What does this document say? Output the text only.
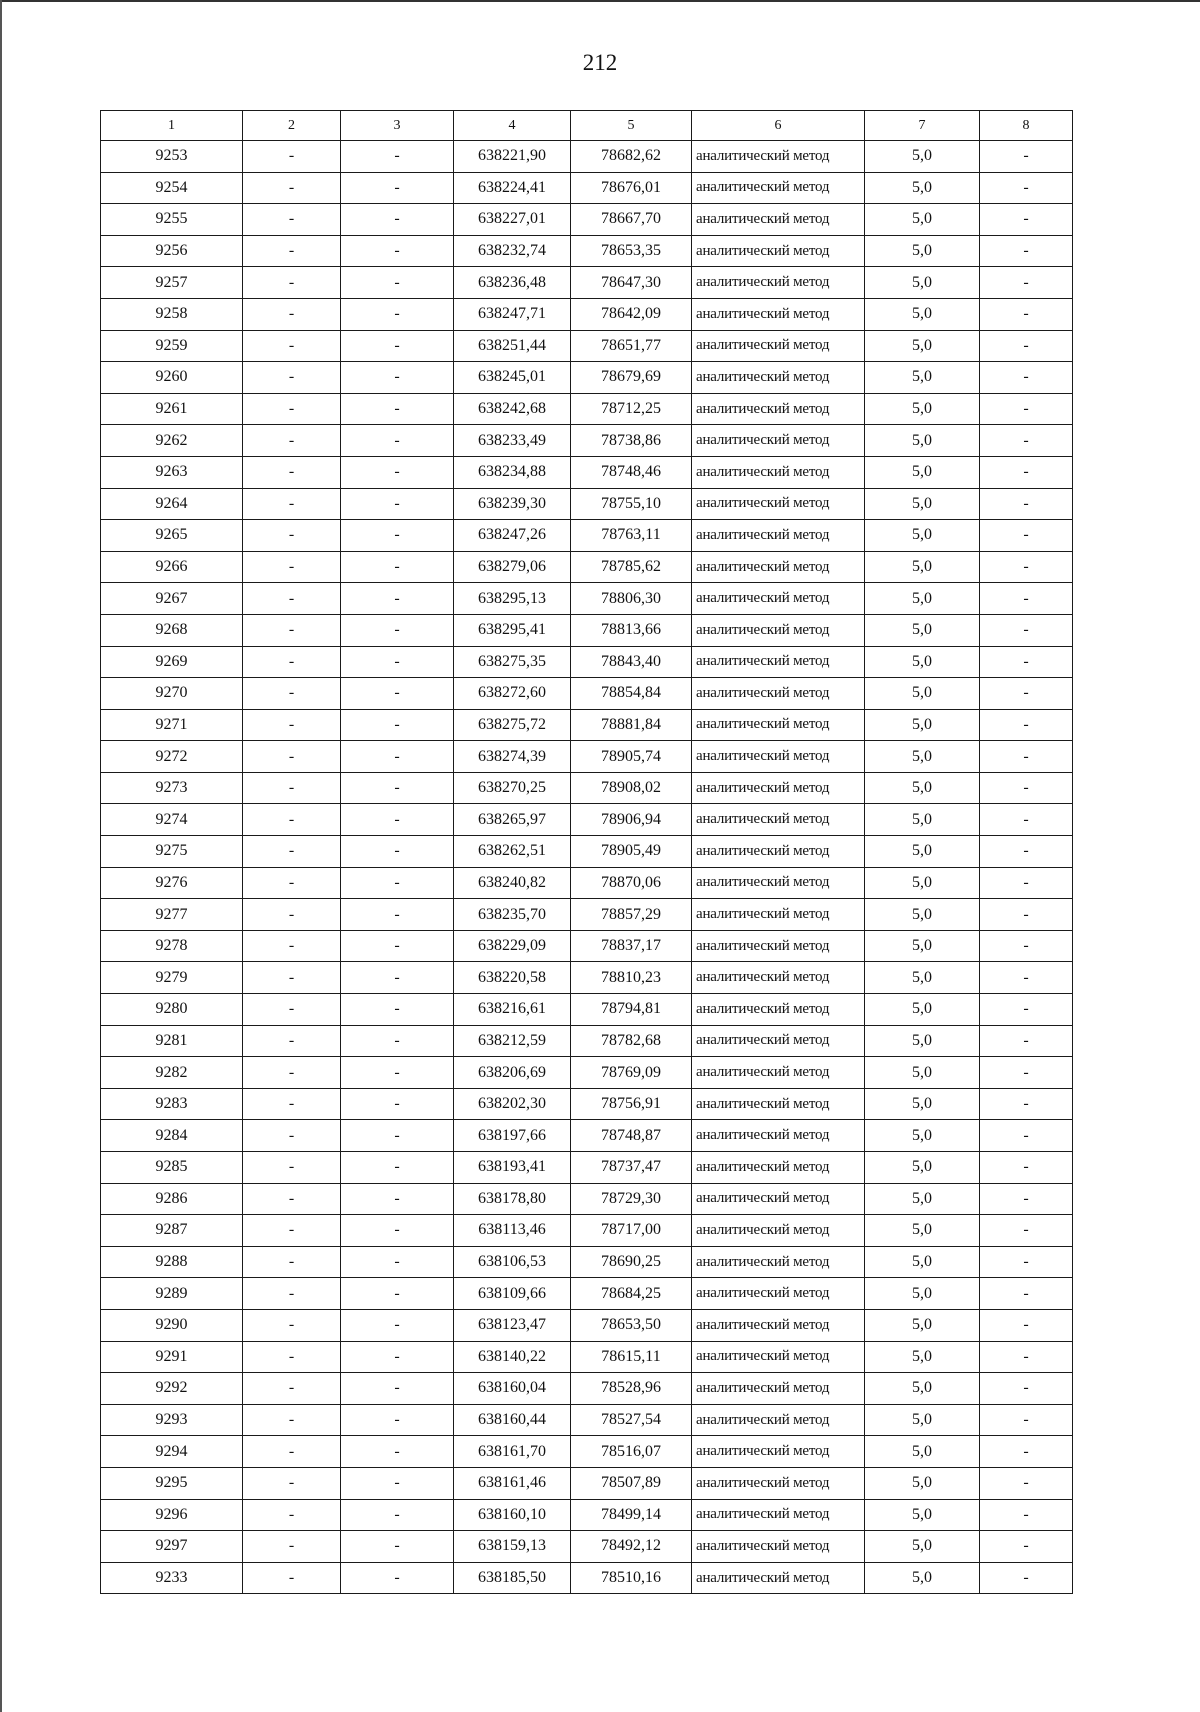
212
1	2	3	4	5	6	7	8
9253	-	-	638221,90	78682,62	аналитический метод	5,0	-
9254	-	-	638224,41	78676,01	аналитический метод	5,0	-
9255	-	-	638227,01	78667,70	аналитический метод	5,0	-
9256	-	-	638232,74	78653,35	аналитический метод	5,0	-
9257	-	-	638236,48	78647,30	аналитический метод	5,0	-
9258	-	-	638247,71	78642,09	аналитический метод	5,0	-
9259	-	-	638251,44	78651,77	аналитический метод	5,0	-
9260	-	-	638245,01	78679,69	аналитический метод	5,0	-
9261	-	-	638242,68	78712,25	аналитический метод	5,0	-
9262	-	-	638233,49	78738,86	аналитический метод	5,0	-
9263	-	-	638234,88	78748,46	аналитический метод	5,0	-
9264	-	-	638239,30	78755,10	аналитический метод	5,0	-
9265	-	-	638247,26	78763,11	аналитический метод	5,0	-
9266	-	-	638279,06	78785,62	аналитический метод	5,0	-
9267	-	-	638295,13	78806,30	аналитический метод	5,0	-
9268	-	-	638295,41	78813,66	аналитический метод	5,0	-
9269	-	-	638275,35	78843,40	аналитический метод	5,0	-
9270	-	-	638272,60	78854,84	аналитический метод	5,0	-
9271	-	-	638275,72	78881,84	аналитический метод	5,0	-
9272	-	-	638274,39	78905,74	аналитический метод	5,0	-
9273	-	-	638270,25	78908,02	аналитический метод	5,0	-
9274	-	-	638265,97	78906,94	аналитический метод	5,0	-
9275	-	-	638262,51	78905,49	аналитический метод	5,0	-
9276	-	-	638240,82	78870,06	аналитический метод	5,0	-
9277	-	-	638235,70	78857,29	аналитический метод	5,0	-
9278	-	-	638229,09	78837,17	аналитический метод	5,0	-
9279	-	-	638220,58	78810,23	аналитический метод	5,0	-
9280	-	-	638216,61	78794,81	аналитический метод	5,0	-
9281	-	-	638212,59	78782,68	аналитический метод	5,0	-
9282	-	-	638206,69	78769,09	аналитический метод	5,0	-
9283	-	-	638202,30	78756,91	аналитический метод	5,0	-
9284	-	-	638197,66	78748,87	аналитический метод	5,0	-
9285	-	-	638193,41	78737,47	аналитический метод	5,0	-
9286	-	-	638178,80	78729,30	аналитический метод	5,0	-
9287	-	-	638113,46	78717,00	аналитический метод	5,0	-
9288	-	-	638106,53	78690,25	аналитический метод	5,0	-
9289	-	-	638109,66	78684,25	аналитический метод	5,0	-
9290	-	-	638123,47	78653,50	аналитический метод	5,0	-
9291	-	-	638140,22	78615,11	аналитический метод	5,0	-
9292	-	-	638160,04	78528,96	аналитический метод	5,0	-
9293	-	-	638160,44	78527,54	аналитический метод	5,0	-
9294	-	-	638161,70	78516,07	аналитический метод	5,0	-
9295	-	-	638161,46	78507,89	аналитический метод	5,0	-
9296	-	-	638160,10	78499,14	аналитический метод	5,0	-
9297	-	-	638159,13	78492,12	аналитический метод	5,0	-
9233	-	-	638185,50	78510,16	аналитический метод	5,0	-
